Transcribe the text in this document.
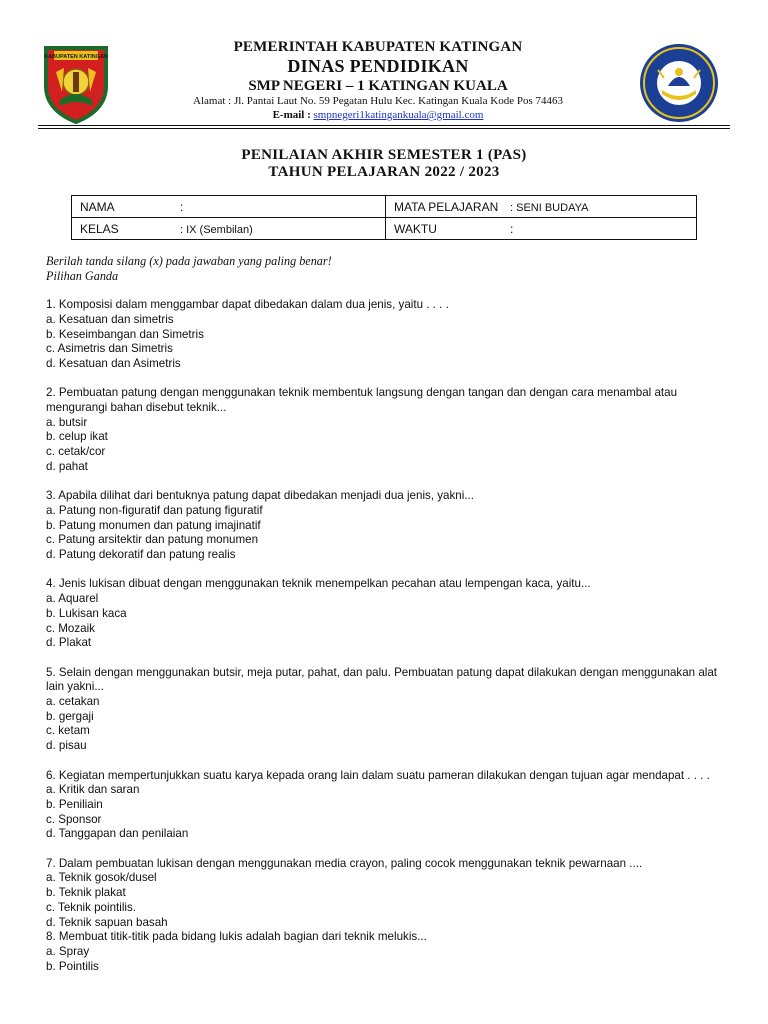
KABUPATEN KATINGAN
PEMERINTAH KABUPATEN KATINGAN
DINAS PENDIDIKAN
SMP NEGERI – 1 KATINGAN KUALA
Alamat : Jl. Pantai Laut No. 59 Pegatan Hulu Kec. Katingan Kuala Kode Pos 74463
E-mail : smpnegeri1katingankuala@gmail.com
PENILAIAN AKHIR SEMESTER 1 (PAS)
TAHUN PELAJARAN 2022 / 2023
NAMA :	MATA PELAJARAN : SENI BUDAYA
KELAS : IX (Sembilan)	WAKTU :
Berilah tanda silang (x) pada jawaban yang paling benar!
Pilihan Ganda
1. Komposisi dalam menggambar dapat dibedakan dalam dua jenis, yaitu . . . .
a. Kesatuan dan simetris
b. Keseimbangan dan Simetris
c. Asimetris dan Simetris
d. Kesatuan dan Asimetris
2. Pembuatan patung dengan menggunakan teknik membentuk langsung dengan tangan dan dengan cara menambal atau mengurangi bahan disebut teknik...
a. butsir
b. celup ikat
c. cetak/cor
d. pahat
3. Apabila dilihat dari bentuknya patung dapat dibedakan menjadi dua jenis, yakni...
a. Patung non-figuratif dan patung figuratif
b. Patung monumen dan patung imajinatif
c. Patung arsitektir dan patung monumen
d. Patung dekoratif dan patung realis
4. Jenis lukisan dibuat dengan menggunakan teknik menempelkan pecahan atau lempengan kaca, yaitu...
a. Aquarel
b. Lukisan kaca
c. Mozaik
d. Plakat
5. Selain dengan menggunakan butsir, meja putar, pahat, dan palu. Pembuatan patung dapat dilakukan dengan menggunakan alat lain yakni...
a. cetakan
b. gergaji
c. ketam
d. pisau
6. Kegiatan mempertunjukkan suatu karya kepada orang lain dalam suatu pameran dilakukan dengan tujuan agar mendapat . . . .
a. Kritik dan saran
b. Peniliain
c. Sponsor
d. Tanggapan dan penilaian
7. Dalam pembuatan lukisan dengan menggunakan media crayon, paling cocok menggunakan teknik pewarnaan ....
a. Teknik gosok/dusel
b. Teknik plakat
c. Teknik pointilis.
d. Teknik sapuan basah
8. Membuat titik-titik pada bidang lukis adalah bagian dari teknik melukis...
a. Spray
b. Pointilis
